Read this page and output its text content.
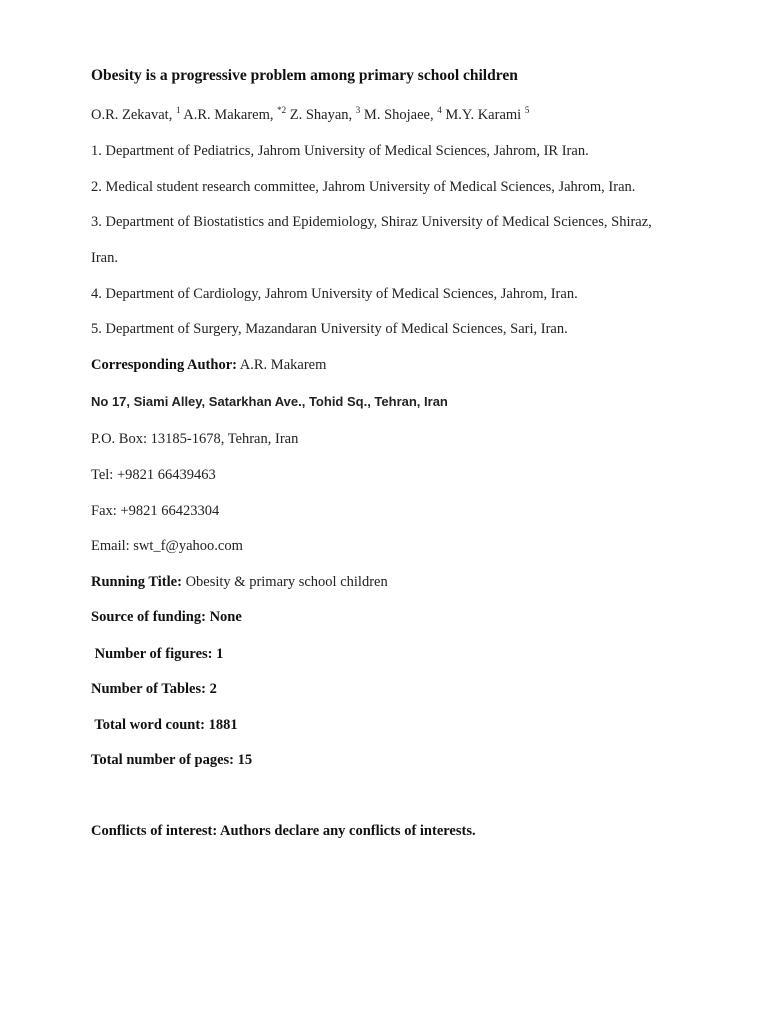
Obesity is a progressive problem among primary school children
O.R. Zekavat, $^1$ A.R. Makarem, $^{*2}$ Z. Shayan, $^3$ M. Shojaee, $^4$ M.Y. Karami $^5$
1. Department of Pediatrics, Jahrom University of Medical Sciences, Jahrom, IR Iran.
2. Medical student research committee, Jahrom University of Medical Sciences, Jahrom, Iran.
3. Department of Biostatistics and Epidemiology, Shiraz University of Medical Sciences, Shiraz,
Iran.
4. Department of Cardiology, Jahrom University of Medical Sciences, Jahrom, Iran.
5. Department of Surgery, Mazandaran University of Medical Sciences, Sari, Iran.
Corresponding Author: A.R. Makarem
No 17, Siami Alley, Satarkhan Ave., Tohid Sq., Tehran, Iran
P.O. Box: 13185-1678, Tehran, Iran
Tel: +9821 66439463
Fax: +9821 66423304
Email: swt_f@yahoo.com
Running Title: Obesity & primary school children
Source of funding: None
Number of figures: 1
Number of Tables: 2
Total word count: 1881
Total number of pages: 15
Conflicts of interest: Authors declare any conflicts of interests.
